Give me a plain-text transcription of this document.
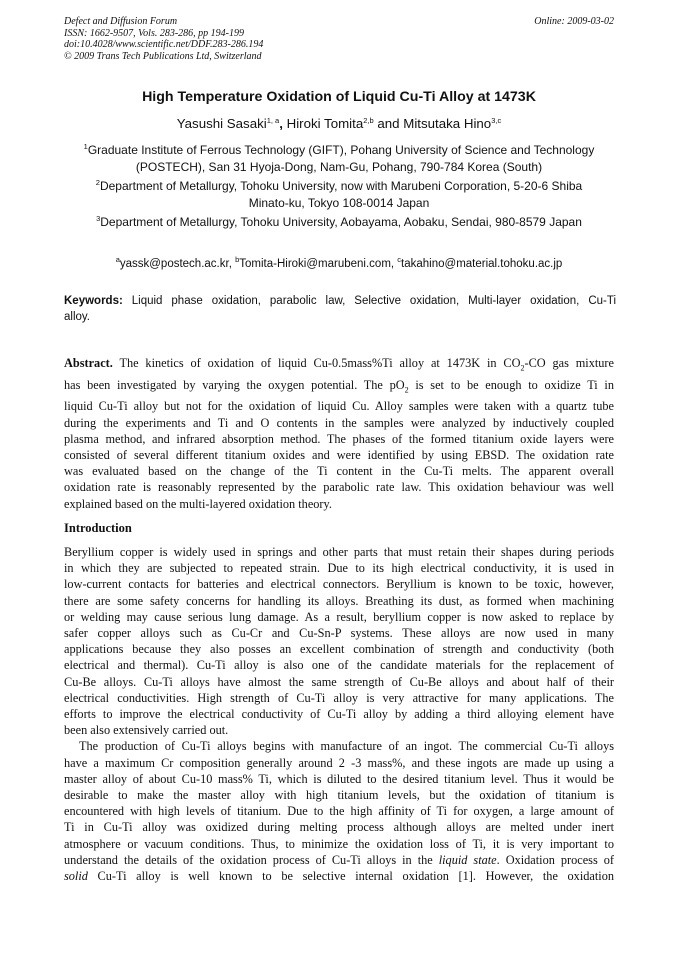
Defect and Diffusion Forum
ISSN: 1662-9507, Vols. 283-286, pp 194-199
doi:10.4028/www.scientific.net/DDF.283-286.194
© 2009 Trans Tech Publications Ltd, Switzerland
Online: 2009-03-02
High Temperature Oxidation of Liquid Cu-Ti Alloy at 1473K
Yasushi Sasaki$^{1, a}$, Hiroki Tomita$^{2,b}$ and Mitsutaka Hino$^{3,c}$
$^1$Graduate Institute of Ferrous Technology (GIFT), Pohang University of Science and Technology
(POSTECH), San 31 Hyoja-Dong, Nam-Gu, Pohang, 790-784 Korea (South)
$^2$Department of Metallurgy, Tohoku University, now with Marubeni Corporation, 5-20-6 Shiba
Minato-ku, Tokyo 108-0014 Japan
$^3$Department of Metallurgy, Tohoku University, Aobayama, Aobaku, Sendai, 980-8579 Japan
$^a$yassk@postech.ac.kr, $^b$Tomita-Hiroki@marubeni.com, $^c$takahino@material.tohoku.ac.jp
Keywords: Liquid phase oxidation, parabolic law, Selective oxidation, Multi-layer oxidation, Cu-Ti
alloy.
Abstract. The kinetics of oxidation of liquid Cu-0.5mass%Ti alloy at 1473K in $CO_2-CO$ gas mixture
has been investigated by varying the oxygen potential. The $pO_2$ is set to be enough to oxidize Ti in
liquid Cu-Ti alloy but not for the oxidation of liquid Cu. Alloy samples were taken with a quartz tube
during the experiments and Ti and O contents in the samples were analyzed by inductively coupled
plasma method, and infrared absorption method. The phases of the formed titanium oxide layers were
consisted of several different titanium oxides and were identified by using EBSD. The oxidation rate
was evaluated based on the change of the Ti content in the Cu-Ti melts. The apparent overall
oxidation rate is reasonably represented by the parabolic rate law. This oxidation behaviour was well
explained based on the multi-layered oxidation theory.
Introduction
Beryllium copper is widely used in springs and other parts that must retain their shapes during periods
in which they are subjected to repeated strain. Due to its high electrical conductivity, it is used in
low-current contacts for batteries and electrical connectors. Beryllium is known to be toxic, however,
there are some safety concerns for handling its alloys. Breathing its dust, as formed when machining
or welding may cause serious lung damage. As a result, beryllium copper is now asked to replace by
safer copper alloys such as Cu-Cr and Cu-Sn-P systems. These alloys are now used in many
applications because they also posses an excellent combination of strength and conductivity (both
electrical and thermal). Cu-Ti alloy is also one of the candidate materials for the replacement of
Cu-Be alloys. Cu-Ti alloys have almost the same strength of Cu-Be alloys and about half of their
electrical conductivities. High strength of Cu-Ti alloy is very attractive for many applications. The
efforts to improve the electrical conductivity of Cu-Ti alloy by adding a third alloying element have
been also extensively carried out.
The production of Cu-Ti alloys begins with manufacture of an ingot. The commercial Cu-Ti alloys
have a maximum Cr composition generally around 2 -3 mass%, and these ingots are made up using a
master alloy of about Cu-10 mass% Ti, which is diluted to the desired titanium level. Thus it would be
desirable to make the master alloy with high titanium levels, but the oxidation of titanium is
encountered with high levels of titanium. Due to the high affinity of Ti for oxygen, a large amount of
Ti in Cu-Ti alloy was oxidized during melting process although alloys are melted under inert
atmosphere or vacuum conditions. Thus, to minimize the oxidation loss of Ti, it is very important to
understand the details of the oxidation process of Cu-Ti alloys in the liquid state. Oxidation process of
solid Cu-Ti alloy is well known to be selective internal oxidation [1]. However, the oxidation
